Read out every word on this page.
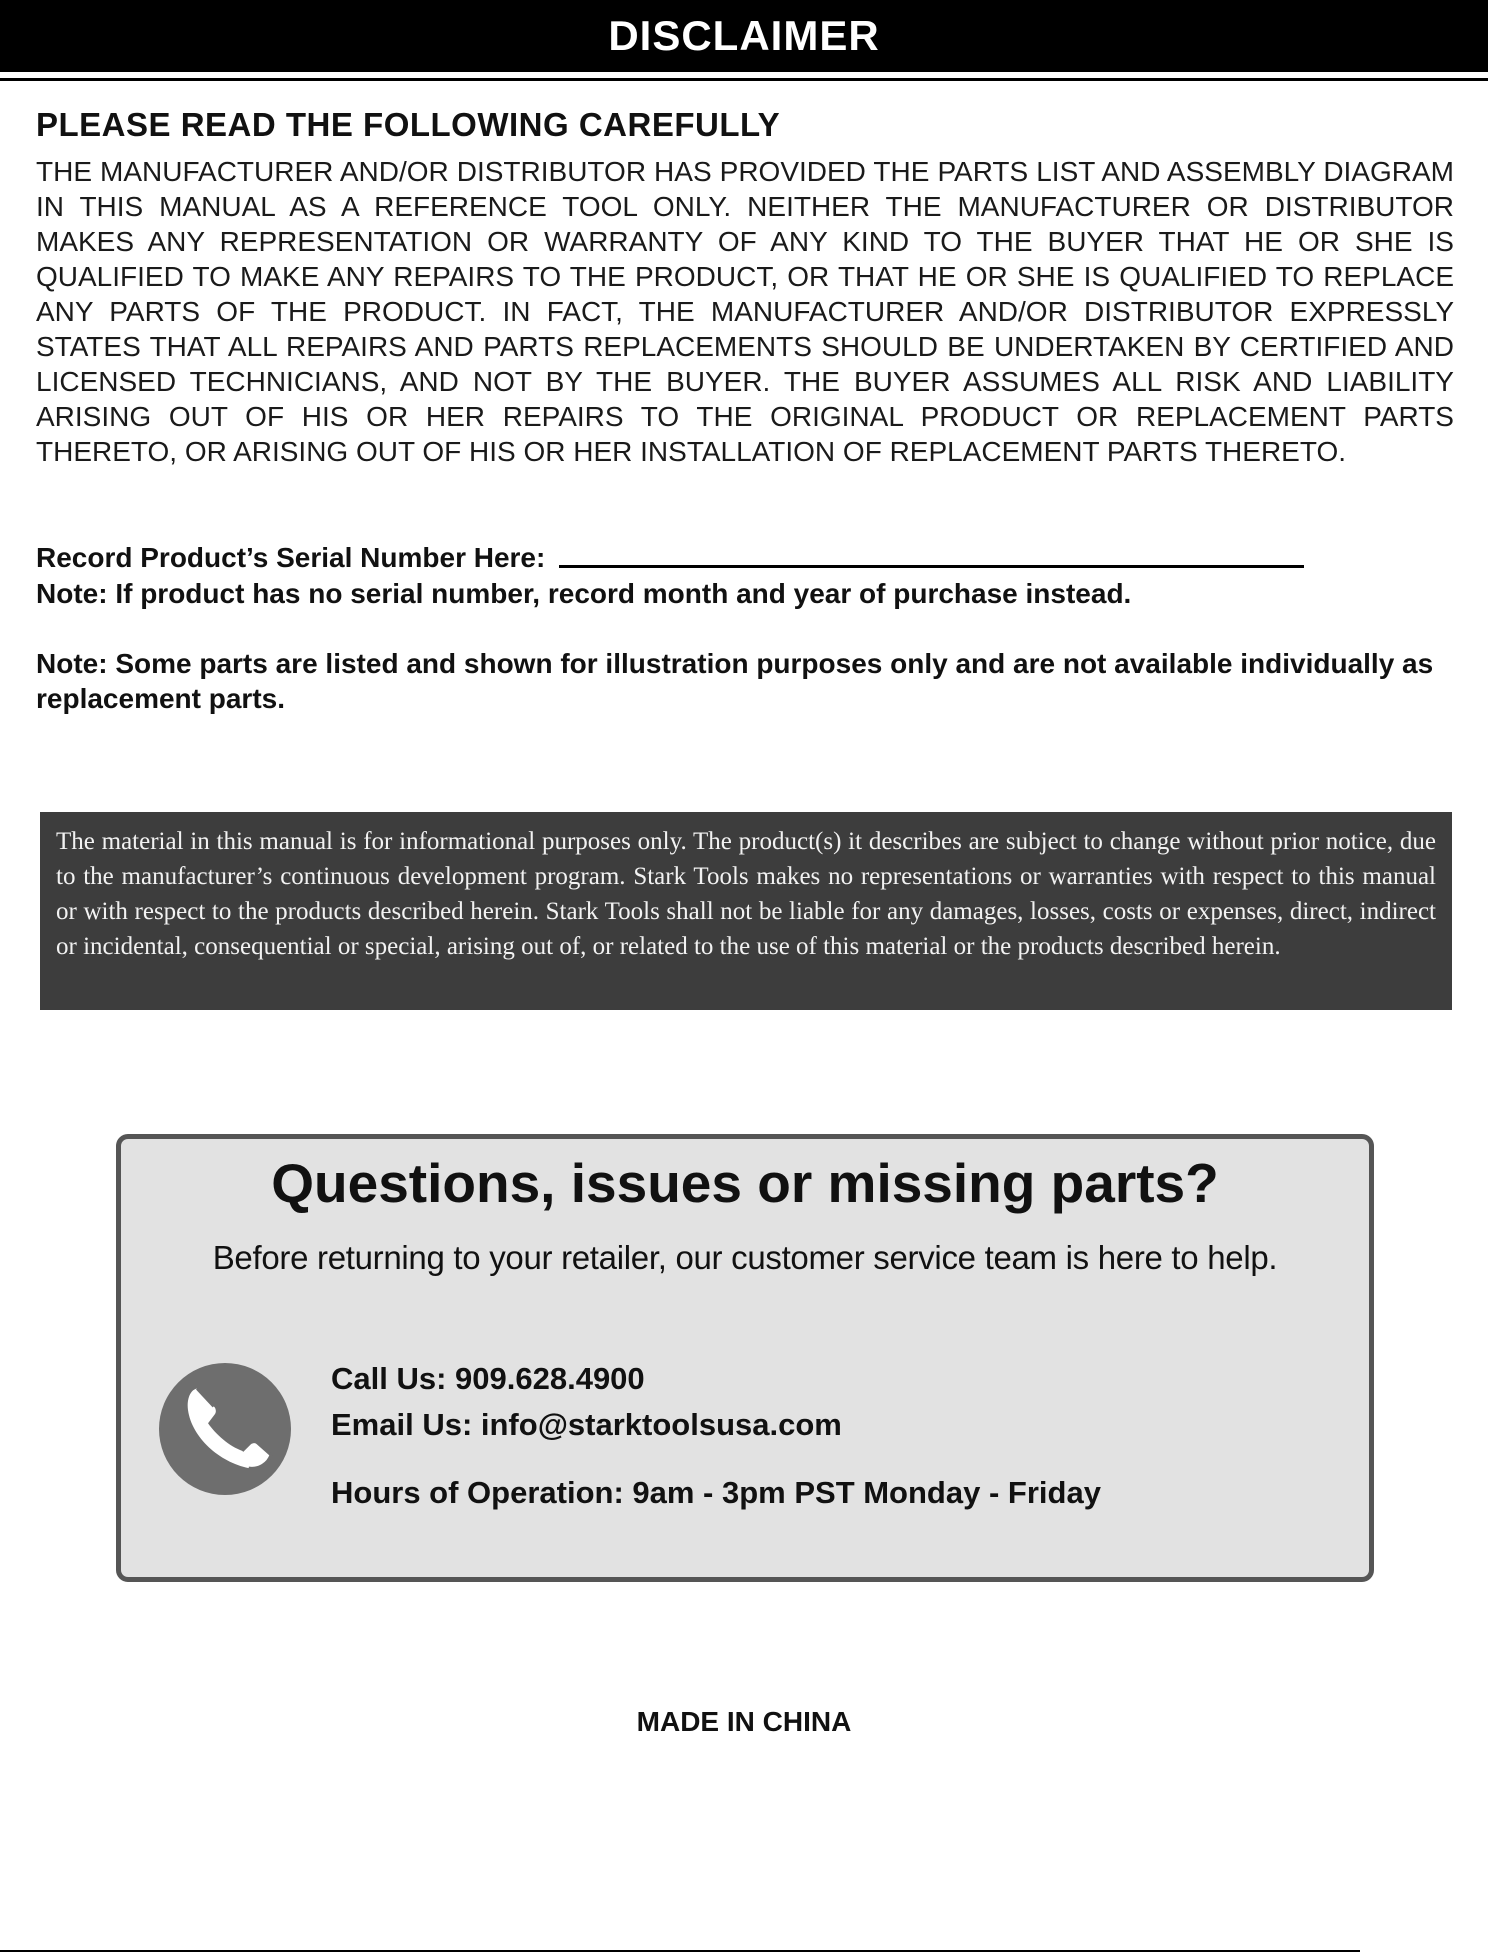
DISCLAIMER
PLEASE READ THE FOLLOWING CAREFULLY
THE MANUFACTURER AND/OR DISTRIBUTOR HAS PROVIDED THE PARTS LIST AND ASSEMBLY DIAGRAM IN THIS MANUAL AS A REFERENCE TOOL ONLY. NEITHER THE MANUFACTURER OR DISTRIBUTOR MAKES ANY REPRESENTATION OR WARRANTY OF ANY KIND TO THE BUYER THAT HE OR SHE IS QUALIFIED TO MAKE ANY REPAIRS TO THE PRODUCT, OR THAT HE OR SHE IS QUALIFIED TO REPLACE ANY PARTS OF THE PRODUCT. IN FACT, THE MANUFACTURER AND/OR DISTRIBUTOR EXPRESSLY STATES THAT ALL REPAIRS AND PARTS REPLACEMENTS SHOULD BE UNDERTAKEN BY CERTIFIED AND LICENSED TECHNICIANS, AND NOT BY THE BUYER. THE BUYER ASSUMES ALL RISK AND LIABILITY ARISING OUT OF HIS OR HER REPAIRS TO THE ORIGINAL PRODUCT OR REPLACEMENT PARTS THERETO, OR ARISING OUT OF HIS OR HER INSTALLATION OF REPLACEMENT PARTS THERETO.
Record Product’s Serial Number Here:
Note: If product has no serial number, record month and year of purchase instead.
Note: Some parts are listed and shown for illustration purposes only and are not available individually as replacement parts.
The material in this manual is for informational purposes only. The product(s) it describes are subject to change without prior notice, due to the manufacturer’s continuous development program. Stark Tools makes no representations or warranties with respect to this manual or with respect to the products described herein. Stark Tools shall not be liable for any damages, losses, costs or expenses, direct, indirect or incidental, consequential or special, arising out of, or related to the use of this material or the products described herein.
Questions, issues or missing parts?
Before returning to your retailer, our customer service team is here to help.
Call Us: 909.628.4900
Email Us: info@starktoolsusa.com
Hours of Operation: 9am - 3pm PST Monday - Friday
MADE IN CHINA
